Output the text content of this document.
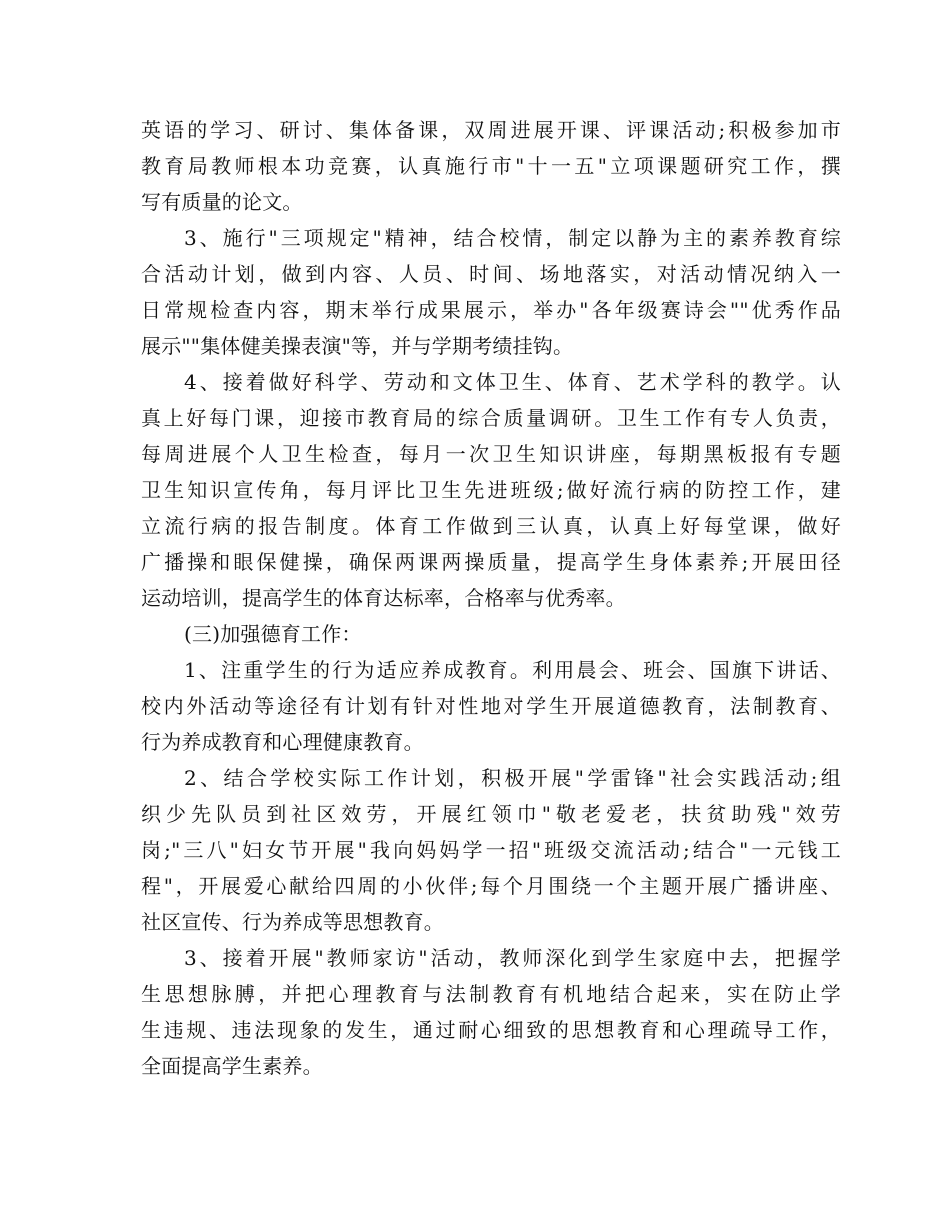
英语的学习、研讨、集体备课，双周进展开课、评课活动;积极参加市
教育局教师根本功竞赛，认真施行市"十一五"立项课题研究工作，撰
写有质量的论文。
3、施行"三项规定"精神，结合校情，制定以静为主的素养教育综
合活动计划，做到内容、人员、时间、场地落实，对活动情况纳入一
日常规检查内容，期末举行成果展示，举办"各年级赛诗会""优秀作品
展示""集体健美操表演"等，并与学期考绩挂钩。
4、接着做好科学、劳动和文体卫生、体育、艺术学科的教学。认
真上好每门课，迎接市教育局的综合质量调研。卫生工作有专人负责，
每周进展个人卫生检查，每月一次卫生知识讲座，每期黑板报有专题
卫生知识宣传角，每月评比卫生先进班级;做好流行病的防控工作，建
立流行病的报告制度。体育工作做到三认真，认真上好每堂课，做好
广播操和眼保健操，确保两课两操质量，提高学生身体素养;开展田径
运动培训，提高学生的体育达标率，合格率与优秀率。
(三)加强德育工作：
1、注重学生的行为适应养成教育。利用晨会、班会、国旗下讲话、
校内外活动等途径有计划有针对性地对学生开展道德教育，法制教育、
行为养成教育和心理健康教育。
2、结合学校实际工作计划，积极开展"学雷锋"社会实践活动;组
织少先队员到社区效劳，开展红领巾"敬老爱老，扶贫助残"效劳
岗;"三八"妇女节开展"我向妈妈学一招"班级交流活动;结合"一元钱工
程"，开展爱心献给四周的小伙伴;每个月围绕一个主题开展广播讲座、
社区宣传、行为养成等思想教育。
3、接着开展"教师家访"活动，教师深化到学生家庭中去，把握学
生思想脉膊，并把心理教育与法制教育有机地结合起来，实在防止学
生违规、违法现象的发生，通过耐心细致的思想教育和心理疏导工作，
全面提高学生素养。
